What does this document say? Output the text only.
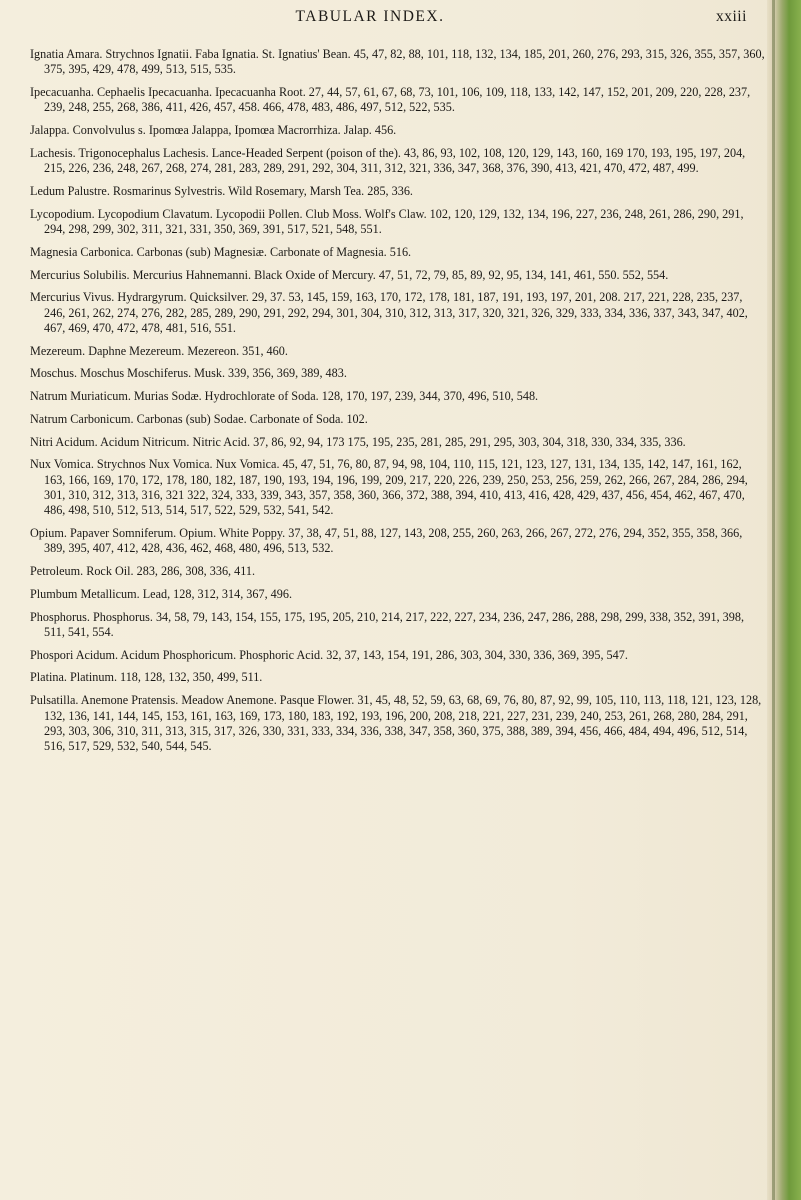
TABULAR INDEX.	xxiii

Ignatia Amara. Strychnos Ignatii. Faba Ignatia. St. Ignatius' Bean. 45, 47, 82, 88, 101, 118, 132, 134, 185, 201, 260, 276, 293, 315, 326, 355, 357, 360, 375, 395, 429, 478, 499, 513, 515, 535.

Ipecacuanha. Cephaelis Ipecacuanha. Ipecacuanha Root. 27, 44, 57, 61, 67, 68, 73, 101, 106, 109, 118, 133, 142, 147, 152, 201, 209, 220, 228, 237, 239, 248, 255, 268, 386, 411, 426, 457, 458. 466, 478, 483, 486, 497, 512, 522, 535.

Jalappa. Convolvulus s. Ipomœa Jalappa, Ipomœa Macrorrhiza. Jalap. 456.

Lachesis. Trigonocephalus Lachesis. Lance-Headed Serpent (poison of the). 43, 86, 93, 102, 108, 120, 129, 143, 160, 169 170, 193, 195, 197, 204, 215, 226, 236, 248, 267, 268, 274, 281, 283, 289, 291, 292, 304, 311, 312, 321, 336, 347, 368, 376, 390, 413, 421, 470, 472, 487, 499.

Ledum Palustre. Rosmarinus Sylvestris. Wild Rosemary, Marsh Tea. 285, 336.

Lycopodium. Lycopodium Clavatum. Lycopodii Pollen. Club Moss. Wolf's Claw. 102, 120, 129, 132, 134, 196, 227, 236, 248, 261, 286, 290, 291, 294, 298, 299, 302, 311, 321, 331, 350, 369, 391, 517, 521, 548, 551.

Magnesia Carbonica. Carbonas (sub) Magnesiæ. Carbonate of Magnesia. 516.

Mercurius Solubilis. Mercurius Hahnemanni. Black Oxide of Mercury. 47, 51, 72, 79, 85, 89, 92, 95, 134, 141, 461, 550. 552, 554.

Mercurius Vivus. Hydrargyrum. Quicksilver. 29, 37. 53, 145, 159, 163, 170, 172, 178, 181, 187, 191, 193, 197, 201, 208. 217, 221, 228, 235, 237, 246, 261, 262, 274, 276, 282, 285, 289, 290, 291, 292, 294, 301, 304, 310, 312, 313, 317, 320, 321, 326, 329, 333, 334, 336, 337, 343, 347, 402, 467, 469, 470, 472, 478, 481, 516, 551.

Mezereum. Daphne Mezereum. Mezereon. 351, 460.

Moschus. Moschus Moschiferus. Musk. 339, 356, 369, 389, 483.

Natrum Muriaticum. Murias Sodæ. Hydrochlorate of Soda. 128, 170, 197, 239, 344, 370, 496, 510, 548.

Natrum Carbonicum. Carbonas (sub) Sodae. Carbonate of Soda. 102.

Nitri Acidum. Acidum Nitricum. Nitric Acid. 37, 86, 92, 94, 173 175, 195, 235, 281, 285, 291, 295, 303, 304, 318, 330, 334, 335, 336.

Nux Vomica. Strychnos Nux Vomica. Nux Vomica. 45, 47, 51, 76, 80, 87, 94, 98, 104, 110, 115, 121, 123, 127, 131, 134, 135, 142, 147, 161, 162, 163, 166, 169, 170, 172, 178, 180, 182, 187, 190, 193, 194, 196, 199, 209, 217, 220, 226, 239, 250, 253, 256, 259, 262, 266, 267, 284, 286, 294, 301, 310, 312, 313, 316, 321 322, 324, 333, 339, 343, 357, 358, 360, 366, 372, 388, 394, 410, 413, 416, 428, 429, 437, 456, 454, 462, 467, 470, 486, 498, 510, 512, 513, 514, 517, 522, 529, 532, 541, 542.

Opium. Papaver Somniferum. Opium. White Poppy. 37, 38, 47, 51, 88, 127, 143, 208, 255, 260, 263, 266, 267, 272, 276, 294, 352, 355, 358, 366, 389, 395, 407, 412, 428, 436, 462, 468, 480, 496, 513, 532.

Petroleum. Rock Oil. 283, 286, 308, 336, 411.

Plumbum Metallicum. Lead, 128, 312, 314, 367, 496.

Phosphorus. Phosphorus. 34, 58, 79, 143, 154, 155, 175, 195, 205, 210, 214, 217, 222, 227, 234, 236, 247, 286, 288, 298, 299, 338, 352, 391, 398, 511, 541, 554.

Phospori Acidum. Acidum Phosphoricum. Phosphoric Acid. 32, 37, 143, 154, 191, 286, 303, 304, 330, 336, 369, 395, 547.

Platina. Platinum. 118, 128, 132, 350, 499, 511.

Pulsatilla. Anemone Pratensis. Meadow Anemone. Pasque Flower. 31, 45, 48, 52, 59, 63, 68, 69, 76, 80, 87, 92, 99, 105, 110, 113, 118, 121, 123, 128, 132, 136, 141, 144, 145, 153, 161, 163, 169, 173, 180, 183, 192, 193, 196, 200, 208, 218, 221, 227, 231, 239, 240, 253, 261, 268, 280, 284, 291, 293, 303, 306, 310, 311, 313, 315, 317, 326, 330, 331, 333, 334, 336, 338, 347, 358, 360, 375, 388, 389, 394, 456, 466, 484, 494, 496, 512, 514, 516, 517, 529, 532, 540, 544, 545.
